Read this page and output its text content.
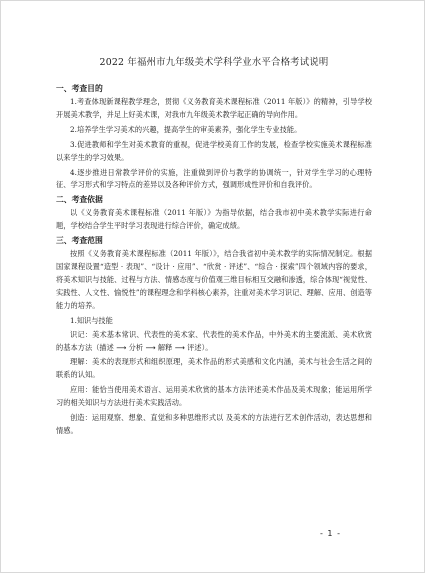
2022 年福州市九年级美术学科学业水平合格考试说明
一、考查目的

1.考查体现新课程教学理念，贯彻《义务教育美术课程标准（2011 年版）》的精神，引导学校开展美术教学，并足上好美术课，对我市九年级美术教学起正确的导向作用。

2.培养学生学习美术的兴趣，提高学生的审美素养，强化学生专业技能。

3.促进教师和学生对美术教育的重视，促进学校美育工作的发展，检查学校实施美术课程标准以来学生的学习效果。

4.逐步推进日常教学评价的实施，注重做到评价与教学的协调统一，针对学生学习的心理特征、学习形式和学习特点的差异以及各种评价方式，强调形成性评价和自我评价。

二、考查依据

以《义务教育美术课程标准（2011 年版）》为指导依据，结合我市初中美术教学实际进行命题，学校结合学生平时学习表现进行综合评价，确定成绩。

三、考查范围

按照《义务教育美术课程标准（2011 年版）》，结合我省初中美术教学的实际情况制定。根据国家课程设置“造型 · 表现”、“设计 · 应用”、“欣赏 · 评述”、“综合 · 探索”四个领域内容的要求，将美术知识与技能、过程与方法、情感态度与价值观三维目标相互交融和渗透，综合体现“视觉性、实践性、人文性、愉悦性”的课程理念和学科核心素养，注重对美术学习识记、理解、应用、创造等能力的培养。

1.知识与技能

识记：美术基本常识、代表性的美术家、代表性的美术作品，中外美术的主要流派、美术欣赏的基本方法（描述 ⟶ 分析 ⟶ 解释 ⟶ 评述）。

理解：美术的表现形式和组织原理，美术作品的形式美感和文化内涵，美术与社会生活之间的联系的认知。

应用：能恰当使用美术语言、运用美术欣赏的基本方法评述美术作品及美术现象；能运用所学习的相关知识与方法进行美术实践活动。

创造：运用观察、想象、直觉和多种思维形式以 及美术的方法进行艺术创作活动，表达思想和情感。

- 1 -
